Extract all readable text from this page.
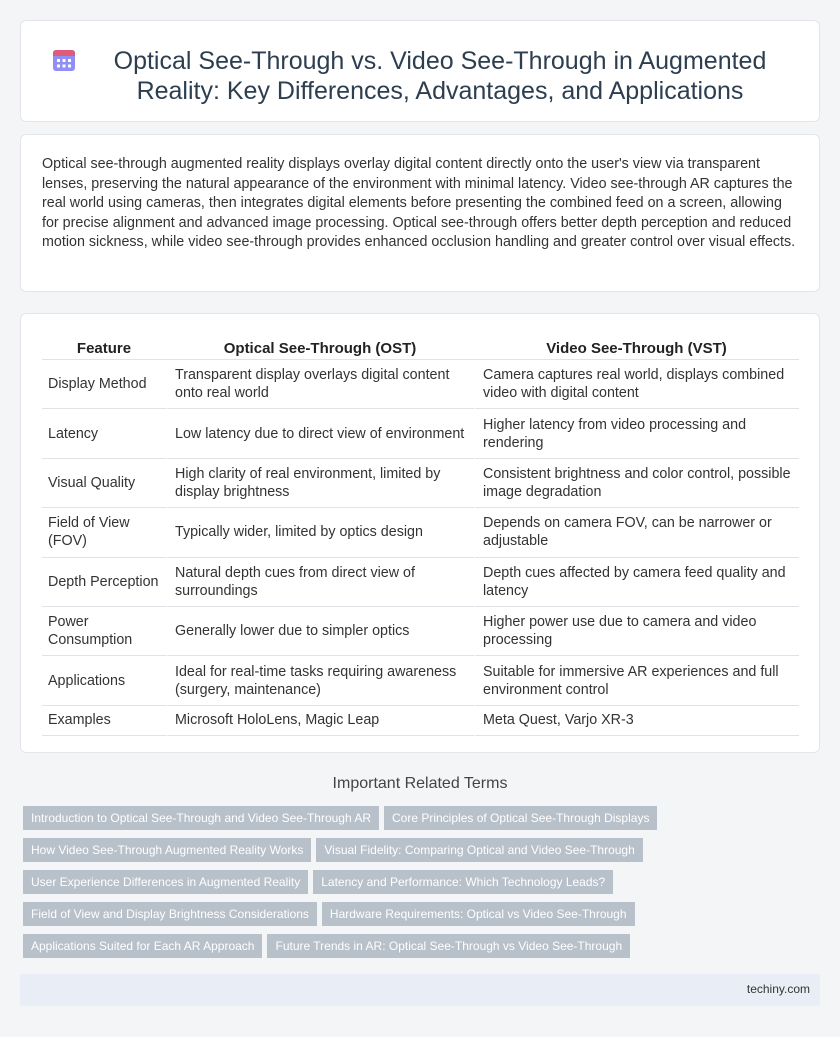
Optical See-Through vs. Video See-Through in Augmented Reality: Key Differences, Advantages, and Applications

Optical see-through augmented reality displays overlay digital content directly onto the user's view via transparent lenses, preserving the natural appearance of the environment with minimal latency. Video see-through AR captures the real world using cameras, then integrates digital elements before presenting the combined feed on a screen, allowing for precise alignment and advanced image processing. Optical see-through offers better depth perception and reduced motion sickness, while video see-through provides enhanced occlusion handling and greater control over visual effects.

Feature	Optical See-Through (OST)	Video See-Through (VST)
Display Method	Transparent display overlays digital content onto real world	Camera captures real world, displays combined video with digital content
Latency	Low latency due to direct view of environment	Higher latency from video processing and rendering
Visual Quality	High clarity of real environment, limited by display brightness	Consistent brightness and color control, possible image degradation
Field of View (FOV)	Typically wider, limited by optics design	Depends on camera FOV, can be narrower or adjustable
Depth Perception	Natural depth cues from direct view of surroundings	Depth cues affected by camera feed quality and latency
Power Consumption	Generally lower due to simpler optics	Higher power use due to camera and video processing
Applications	Ideal for real-time tasks requiring awareness (surgery, maintenance)	Suitable for immersive AR experiences and full environment control
Examples	Microsoft HoloLens, Magic Leap	Meta Quest, Varjo XR-3
Important Related Terms
Introduction to Optical See-Through and Video See-Through AR Core Principles of Optical See-Through Displays
How Video See-Through Augmented Reality Works Visual Fidelity: Comparing Optical and Video See-Through
User Experience Differences in Augmented Reality Latency and Performance: Which Technology Leads?
Field of View and Display Brightness Considerations Hardware Requirements: Optical vs Video See-Through
Applications Suited for Each AR Approach Future Trends in AR: Optical See-Through vs Video See-Through
techiny.com
